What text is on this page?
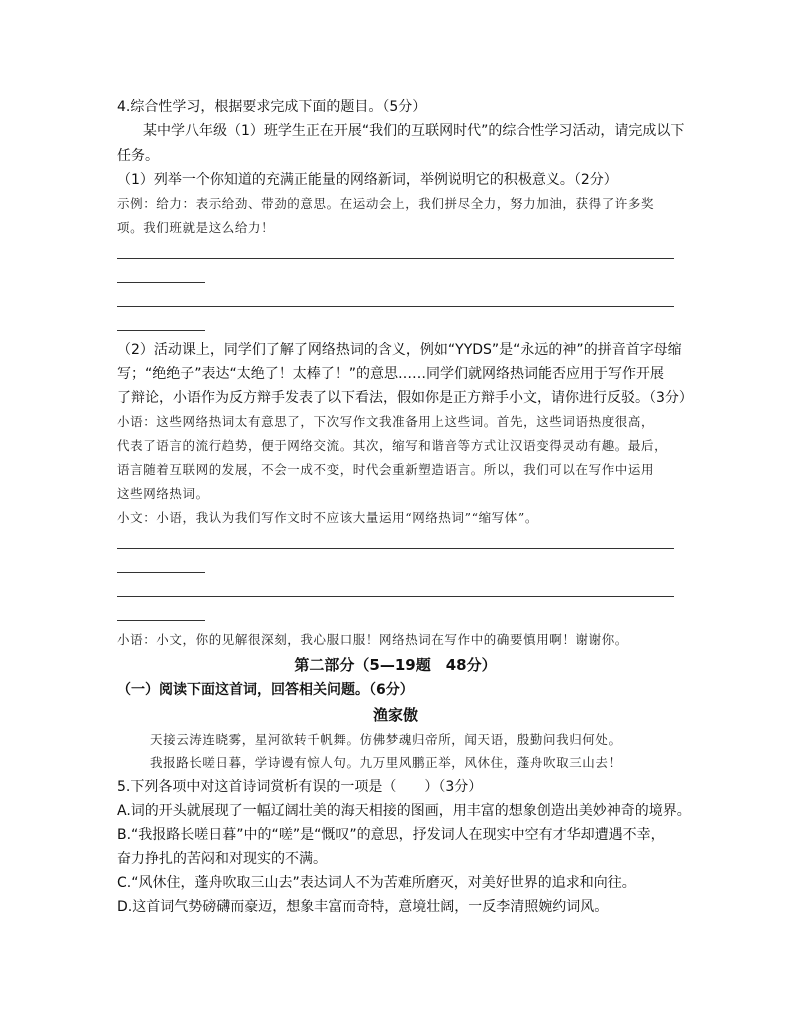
4.综合性学习，根据要求完成下面的题目。（5分）
某中学八年级（1）班学生正在开展“我们的互联网时代”的综合性学习活动，请完成以下
任务。
（1）列举一个你知道的充满正能量的网络新词，举例说明它的积极意义。（2分）
示例：给力：表示给劲、带劲的意思。在运动会上，我们拼尽全力，努力加油，获得了许多奖
项。我们班就是这么给力！
（2）活动课上，同学们了解了网络热词的含义，例如“YYDS”是“永远的神”的拼音首字母缩
写；“绝绝子”表达“太绝了！太棒了！”的意思……同学们就网络热词能否应用于写作开展
了辩论，小语作为反方辩手发表了以下看法，假如你是正方辩手小文，请你进行反驳。（3分）
小语：这些网络热词太有意思了，下次写作文我准备用上这些词。首先，这些词语热度很高，
代表了语言的流行趋势，便于网络交流。其次，缩写和谐音等方式让汉语变得灵动有趣。最后，
语言随着互联网的发展，不会一成不变，时代会重新塑造语言。所以，我们可以在写作中运用
这些网络热词。
小文：小语，我认为我们写作文时不应该大量运用“网络热词”“缩写体”。
小语：小文，你的见解很深刻，我心服口服！网络热词在写作中的确要慎用啊！谢谢你。
第二部分（5—19题　48分）
（一）阅读下面这首词，回答相关问题。（6分）
渔家傲
天接云涛连晓雾，星河欲转千帆舞。仿佛梦魂归帝所，闻天语，殷勤问我归何处。
我报路长嗟日暮，学诗谩有惊人句。九万里风鹏正举，风休住，蓬舟吹取三山去！
5.下列各项中对这首诗词赏析有误的一项是（　　）（3分）
A.词的开头就展现了一幅辽阔壮美的海天相接的图画，用丰富的想象创造出美妙神奇的境界。
B.“我报路长嗟日暮”中的“嗟”是“慨叹”的意思，抒发词人在现实中空有才华却遭遇不幸，
奋力挣扎的苦闷和对现实的不满。
C.“风休住，蓬舟吹取三山去”表达词人不为苦难所磨灭，对美好世界的追求和向往。
D.这首词气势磅礴而豪迈，想象丰富而奇特，意境壮阔，一反李清照婉约词风。
